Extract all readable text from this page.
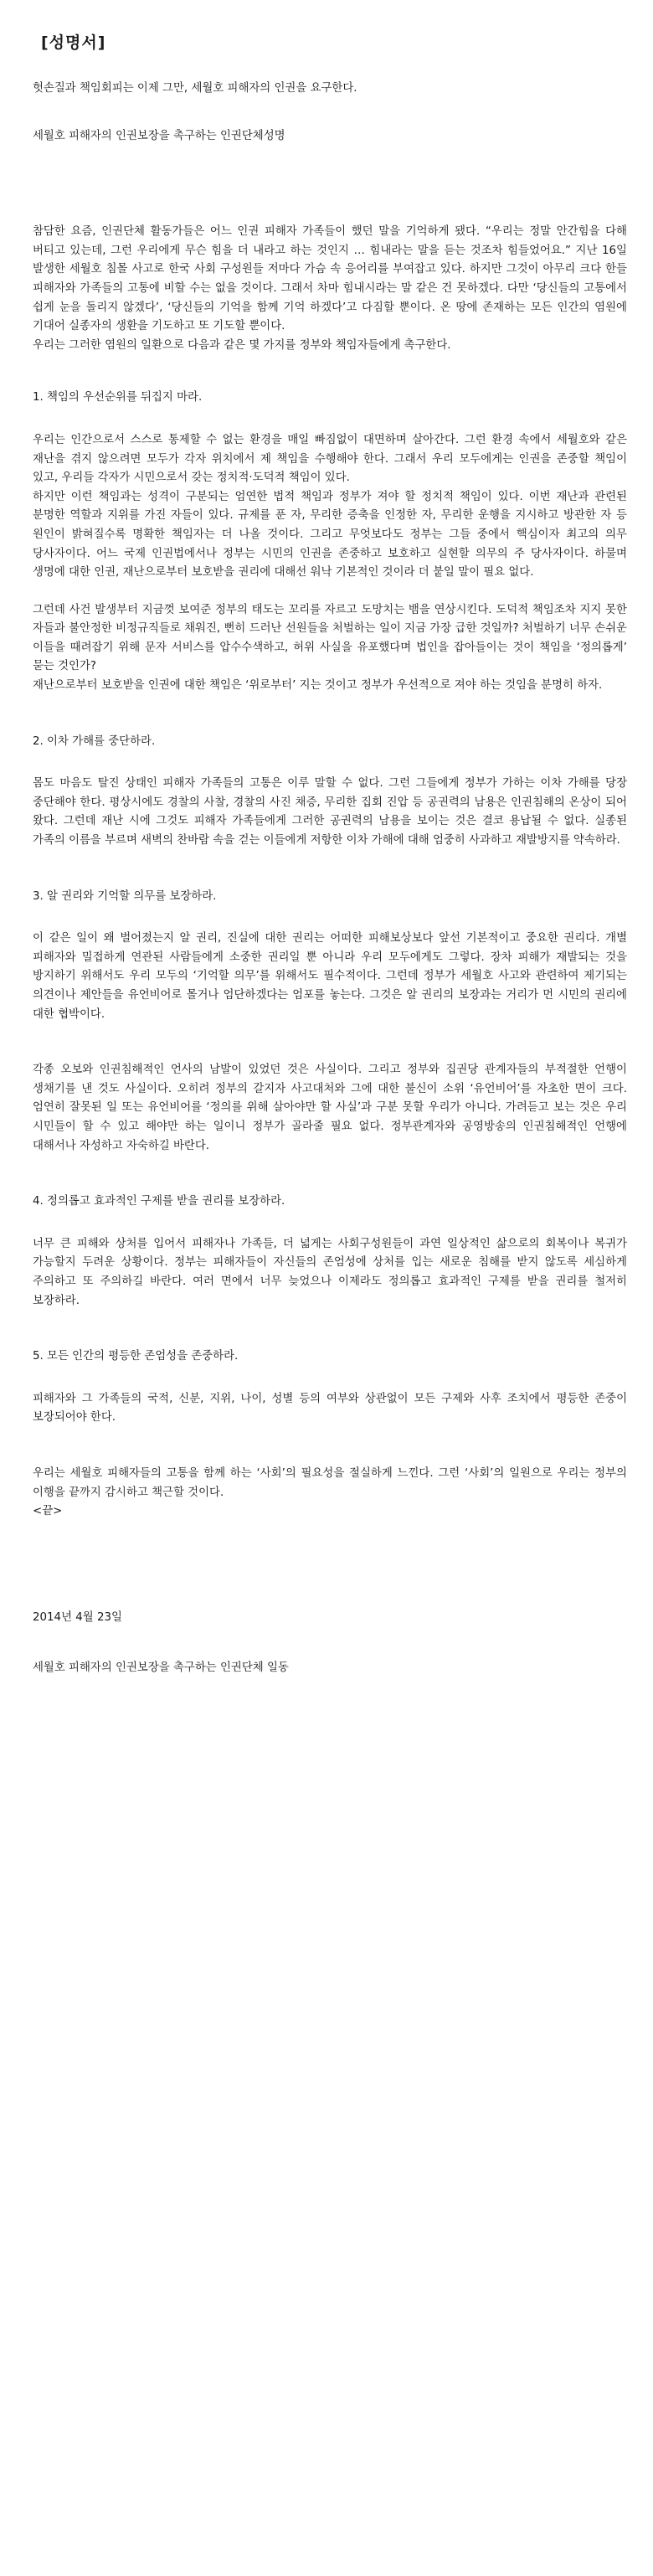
[성명서]

헛손질과 책임회피는 이제 그만, 세월호 피해자의 인권을 요구한다.

세월호 피해자의 인권보장을 촉구하는 인권단체성명

참담한 요즘, 인권단체 활동가들은 어느 인권 피해자 가족들이 했던 말을 기억하게 됐다. “우리는 정말 안간힘을 다해 버티고 있는데, 그런 우리에게 무슨 힘을 더 내라고 하는 것인지 … 힘내라는 말을 듣는 것조차 힘들었어요.” 지난 16일 발생한 세월호 침몰 사고로 한국 사회 구성원들 저마다 가슴 속 응어리를 부여잡고 있다. 하지만 그것이 아무리 크다 한들 피해자와 가족들의 고통에 비할 수는 없을 것이다. 그래서 차마 힘내시라는 말 같은 건 못하겠다. 다만 ‘당신들의 고통에서 쉽게 눈을 돌리지 않겠다’, ‘당신들의 기억을 함께 기억 하겠다’고 다짐할 뿐이다. 온 땅에 존재하는 모든 인간의 염원에 기대어 실종자의 생환을 기도하고 또 기도할 뿐이다.

우리는 그러한 염원의 일환으로 다음과 같은 몇 가지를 정부와 책임자들에게 촉구한다.

1. 책임의 우선순위를 뒤집지 마라.

우리는 인간으로서 스스로 통제할 수 없는 환경을 매일 빠짐없이 대면하며 살아간다. 그런 환경 속에서 세월호와 같은 재난을 겪지 않으려면 모두가 각자 위치에서 제 책임을 수행해야 한다. 그래서 우리 모두에게는 인권을 존중할 책임이 있고, 우리들 각자가 시민으로서 갖는 정치적·도덕적 책임이 있다.
하지만 이런 책임과는 성격이 구분되는 엄연한 법적 책임과 정부가 져야 할 정치적 책임이 있다. 이번 재난과 관련된 분명한 역할과 지위를 가진 자들이 있다. 규제를 푼 자, 무리한 증축을 인정한 자, 무리한 운행을 지시하고 방관한 자 등 원인이 밝혀질수록 명확한 책임자는 더 나올 것이다. 그리고 무엇보다도 정부는 그들 중에서 핵심이자 최고의 의무 당사자이다. 어느 국제 인권법에서나 정부는 시민의 인권을 존중하고 보호하고 실현할 의무의 주 당사자이다. 하물며 생명에 대한 인권, 재난으로부터 보호받을 권리에 대해선 워낙 기본적인 것이라 더 붙일 말이 필요 없다.

그런데 사건 발생부터 지금껏 보여준 정부의 태도는 꼬리를 자르고 도망치는 뱀을 연상시킨다. 도덕적 책임조차 지지 못한 자들과 불안정한 비정규직들로 채워진, 뻔히 드러난 선원들을 처벌하는 일이 지금 가장 급한 것일까? 처벌하기 너무 손쉬운 이들을 때려잡기 위해 문자 서비스를 압수수색하고, 허위 사실을 유포했다며 법인을 잡아들이는 것이 책임을 ‘정의롭게’ 묻는 것인가?
재난으로부터 보호받을 인권에 대한 책임은 ‘위로부터’ 지는 것이고 정부가 우선적으로 져야 하는 것임을 분명히 하자.

2. 이차 가해를 중단하라.

몸도 마음도 탈진 상태인 피해자 가족들의 고통은 이루 말할 수 없다. 그런 그들에게 정부가 가하는 이차 가해를 당장 중단해야 한다. 평상시에도 경찰의 사찰, 경찰의 사진 채증, 무리한 집회 진압 등 공권력의 남용은 인권침해의 온상이 되어 왔다. 그런데 재난 시에 그것도 피해자 가족들에게 그러한 공권력의 남용을 보이는 것은 결코 용납될 수 없다. 실종된 가족의 이름을 부르며 새벽의 찬바람 속을 걷는 이들에게 저항한 이차 가해에 대해 엄중히 사과하고 재발방지를 약속하라.

3. 알 권리와 기억할 의무를 보장하라.

이 같은 일이 왜 벌어졌는지 알 권리, 진실에 대한 권리는 어떠한 피해보상보다 앞선 기본적이고 중요한 권리다. 개별 피해자와 밀접하게 연관된 사람들에게 소중한 권리일 뿐 아니라 우리 모두에게도 그렇다. 장차 피해가 재발되는 것을 방지하기 위해서도 우리 모두의 ‘기억할 의무’를 위해서도 필수적이다. 그런데 정부가 세월호 사고와 관련하여 제기되는 의견이나 제안들을 유언비어로 몰거나 엄단하겠다는 엄포를 놓는다. 그것은 알 권리의 보장과는 거리가 먼 시민의 권리에 대한 협박이다.

각종 오보와 인권침해적인 언사의 남발이 있었던 것은 사실이다. 그리고 정부와 집권당 관계자들의 부적절한 언행이 생채기를 낸 것도 사실이다. 오히려 정부의 갈지자 사고대처와 그에 대한 불신이 소위 ‘유언비어’를 자초한 면이 크다. 엄연히 잘못된 일 또는 유언비어를 ‘정의를 위해 살아야만 할 사실’과 구분 못할 우리가 아니다. 가려듣고 보는 것은 우리 시민들이 할 수 있고 해야만 하는 일이니 정부가 골라줄 필요 없다. 정부관계자와 공영방송의 인권침해적인 언행에 대해서나 자성하고 자숙하길 바란다.

4. 정의롭고 효과적인 구제를 받을 권리를 보장하라.

너무 큰 피해와 상처를 입어서 피해자나 가족들, 더 넓게는 사회구성원들이 과연 일상적인 삶으로의 회복이나 복귀가 가능할지 두려운 상황이다. 정부는 피해자들이 자신들의 존엄성에 상처를 입는 새로운 침해를 받지 않도록 세심하게 주의하고 또 주의하길 바란다. 여러 면에서 너무 늦었으나 이제라도 정의롭고 효과적인 구제를 받을 권리를 철저히 보장하라.

5. 모든 인간의 평등한 존엄성을 존중하라.

피해자와 그 가족들의 국적, 신분, 지위, 나이, 성별 등의 여부와 상관없이 모든 구제와 사후 조치에서 평등한 존중이 보장되어야 한다.

우리는 세월호 피해자들의 고통을 함께 하는 ‘사회’의 필요성을 절실하게 느낀다. 그런 ‘사회’의 일원으로 우리는 정부의     이행을 끝까지 감시하고 책근할 것이다.

<끝>

2014년 4월 23일

세월호 피해자의 인권보장을 촉구하는 인권단체 일동
